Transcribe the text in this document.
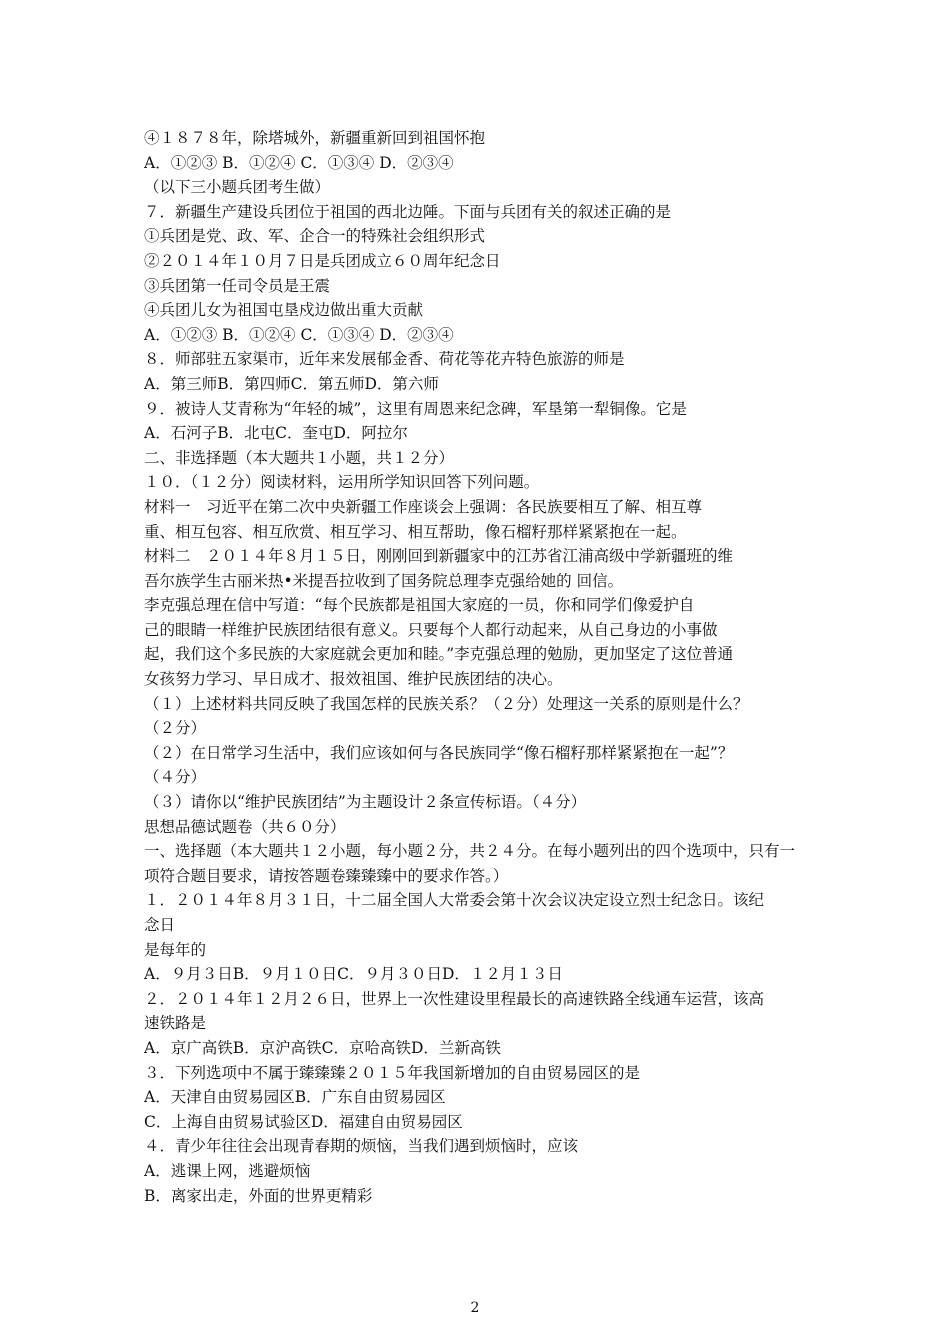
④１８７８年，除塔城外，新疆重新回到祖国怀抱
A．①②③ B．①②④ C．①③④ D．②③④
（以下三小题兵团考生做）
７．新疆生产建设兵团位于祖国的西北边陲。下面与兵团有关的叙述正确的是
①兵团是党、政、军、企合一的特殊社会组织形式
②２０１４年１０月７日是兵团成立６０周年纪念日
③兵团第一任司令员是王震
④兵团儿女为祖国屯垦戍边做出重大贡献
A．①②③ B．①②④ C．①③④ D．②③④
８．师部驻五家渠市，近年来发展郁金香、荷花等花卉特色旅游的师是
A．第三师B．第四师C．第五师D．第六师
９．被诗人艾青称为“年轻的城”，这里有周恩来纪念碑，军垦第一犁铜像。它是
A．石河子B．北屯C．奎屯D．阿拉尔
二、非选择题（本大题共１小题，共１２分）
１０．（１２分）阅读材料，运用所学知识回答下列问题。
材料一　习近平在第二次中央新疆工作座谈会上强调：各民族要相互了解、相互尊
重、相互包容、相互欣赏、相互学习、相互帮助，像石榴籽那样紧紧抱在一起。
材料二　２０１４年８月１５日，刚刚回到新疆家中的江苏省江浦高级中学新疆班的维
吾尔族学生古丽米热•米提吾拉收到了国务院总理李克强给她的 回信。
李克强总理在信中写道：“每个民族都是祖国大家庭的一员，你和同学们像爱护自
己的眼睛一样维护民族团结很有意义。只要每个人都行动起来，从自己身边的小事做
起，我们这个多民族的大家庭就会更加和睦。”李克强总理的勉励，更加坚定了这位普通
女孩努力学习、早日成才、报效祖国、维护民族团结的决心。
（１）上述材料共同反映了我国怎样的民族关系？（２分）处理这一关系的原则是什么？
（２分）
（２）在日常学习生活中，我们应该如何与各民族同学“像石榴籽那样紧紧抱在一起”？
（４分）
（３）请你以“维护民族团结”为主题设计２条宣传标语。（４分）
思想品德试题卷（共６０分）
一、选择题（本大题共１２小题，每小题２分，共２４分。在每小题列出的四个选项中，只有一
项符合题目要求，请按答题卷臻臻臻中的要求作答。）
１．２０１４年８月３１日，十二届全国人大常委会第十次会议决定设立烈士纪念日。该纪
念日
是每年的
A．９月３日B．９月１０日C．９月３０日D．１２月１３日
２．２０１４年１２月２６日，世界上一次性建设里程最长的高速铁路全线通车运营，该高
速铁路是
A．京广高铁B．京沪高铁C．京哈高铁D．兰新高铁
３．下列选项中不属于臻臻臻２０１５年我国新增加的自由贸易园区的是
A．天津自由贸易园区B．广东自由贸易园区
C．上海自由贸易试验区D．福建自由贸易园区
４．青少年往往会出现青春期的烦恼，当我们遇到烦恼时，应该
A．逃课上网，逃避烦恼
B．离家出走，外面的世界更精彩
2
